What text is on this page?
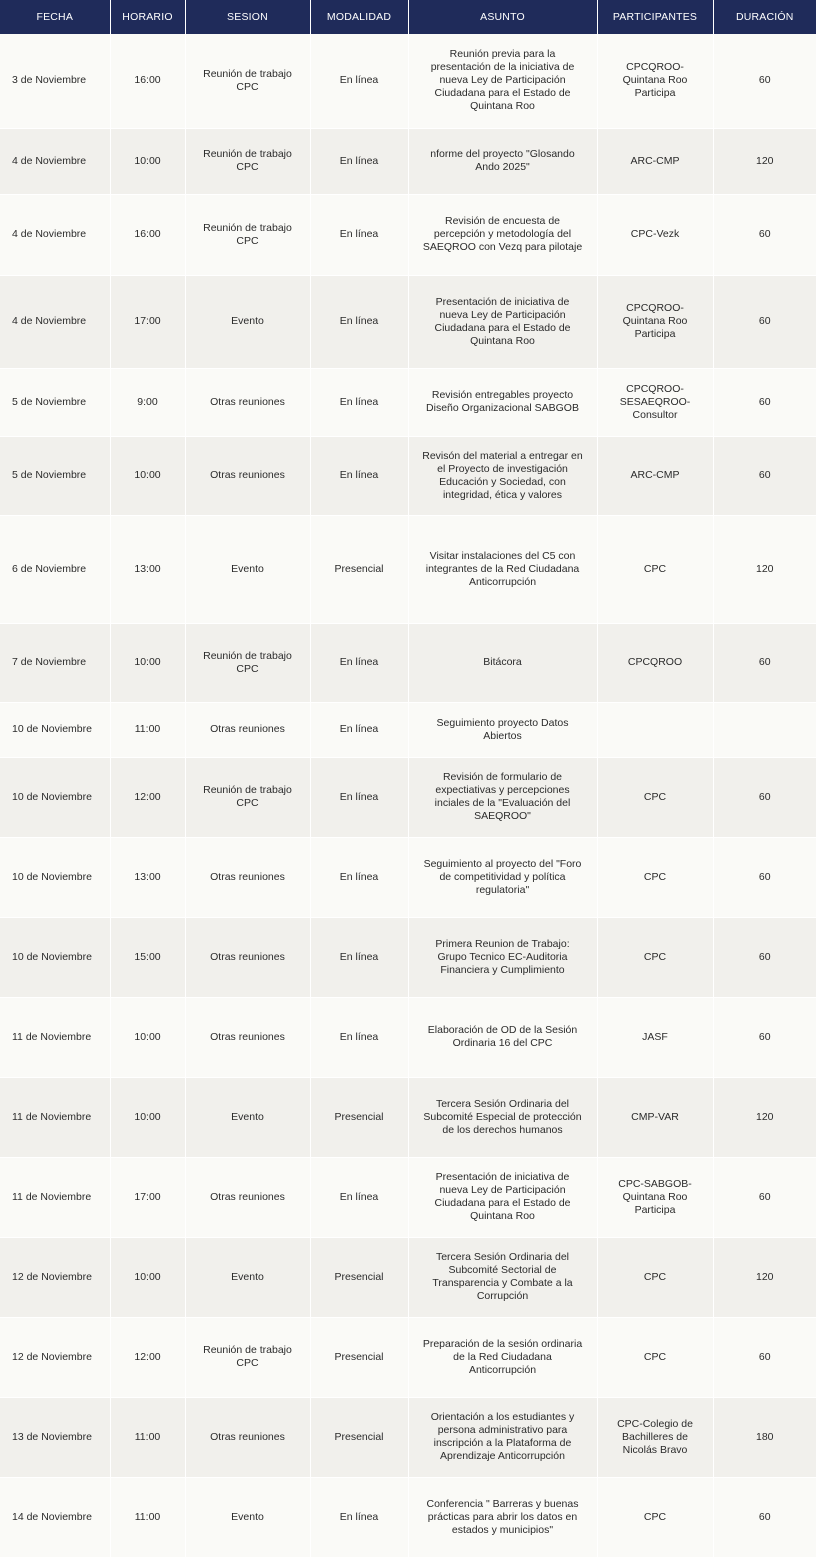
FECHA	HORARIO	SESION	MODALIDAD	ASUNTO	PARTICIPANTES	DURACIÓN
3 de Noviembre	16:00	Reunión de trabajo CPC	En línea	Reunión previa para la presentación de la iniciativa de nueva Ley de Participación Ciudadana para el Estado de Quintana Roo	CPCQROO-Quintana Roo Participa	60
4 de Noviembre	10:00	Reunión de trabajo CPC	En línea	nforme del proyecto "Glosando Ando 2025"	ARC-CMP	120
4 de Noviembre	16:00	Reunión de trabajo CPC	En línea	Revisión de encuesta de percepción y metodología del SAEQROO con Vezq para pilotaje	CPC-Vezk	60
4 de Noviembre	17:00	Evento	En línea	Presentación de iniciativa de nueva Ley de Participación Ciudadana para el Estado de Quintana Roo	CPCQROO-Quintana Roo Participa	60
5 de Noviembre	9:00	Otras reuniones	En línea	Revisión entregables proyecto Diseño Organizacional SABGOB	CPCQROO-SESAEQROO-Consultor	60
5 de Noviembre	10:00	Otras reuniones	En línea	Revisón del material a entregar en el Proyecto de investigación Educación y Sociedad, con integridad, ética y valores	ARC-CMP	60
6 de Noviembre	13:00	Evento	Presencial	Visitar instalaciones del C5 con integrantes de la Red Ciudadana Anticorrupción	CPC	120
7 de Noviembre	10:00	Reunión de trabajo CPC	En línea	Bitácora	CPCQROO	60
10 de Noviembre	11:00	Otras reuniones	En línea	Seguimiento proyecto Datos Abiertos		
10 de Noviembre	12:00	Reunión de trabajo CPC	En línea	Revisión de formulario de expectiativas y percepciones inciales de la "Evaluación del SAEQROO"	CPC	60
10 de Noviembre	13:00	Otras reuniones	En línea	Seguimiento al proyecto del "Foro de competitividad y política regulatoria"	CPC	60
10 de Noviembre	15:00	Otras reuniones	En línea	Primera Reunion de Trabajo: Grupo Tecnico EC-Auditoria Financiera y Cumplimiento	CPC	60
11 de Noviembre	10:00	Otras reuniones	En línea	Elaboración de OD de la Sesión Ordinaria 16 del CPC	JASF	60
11 de Noviembre	10:00	Evento	Presencial	Tercera Sesión Ordinaria del Subcomité Especial de protección de los derechos humanos	CMP-VAR	120
11 de Noviembre	17:00	Otras reuniones	En línea	Presentación de iniciativa de nueva Ley de Participación Ciudadana para el Estado de Quintana Roo	CPC-SABGOB-Quintana Roo Participa	60
12 de Noviembre	10:00	Evento	Presencial	Tercera Sesión Ordinaria del Subcomité Sectorial de Transparencia y Combate a la Corrupción	CPC	120
12 de Noviembre	12:00	Reunión de trabajo CPC	Presencial	Preparación de la sesión ordinaria de la Red Ciudadana Anticorrupción	CPC	60
13 de Noviembre	11:00	Otras reuniones	Presencial	Orientación a los estudiantes y persona administrativo para inscripción a la Plataforma de Aprendizaje Anticorrupción	CPC-Colegio de Bachilleres de Nicolás Bravo	180
14 de Noviembre	11:00	Evento	En línea	Conferencia " Barreras y buenas prácticas para abrir los datos en estados y municipios"	CPC	60
